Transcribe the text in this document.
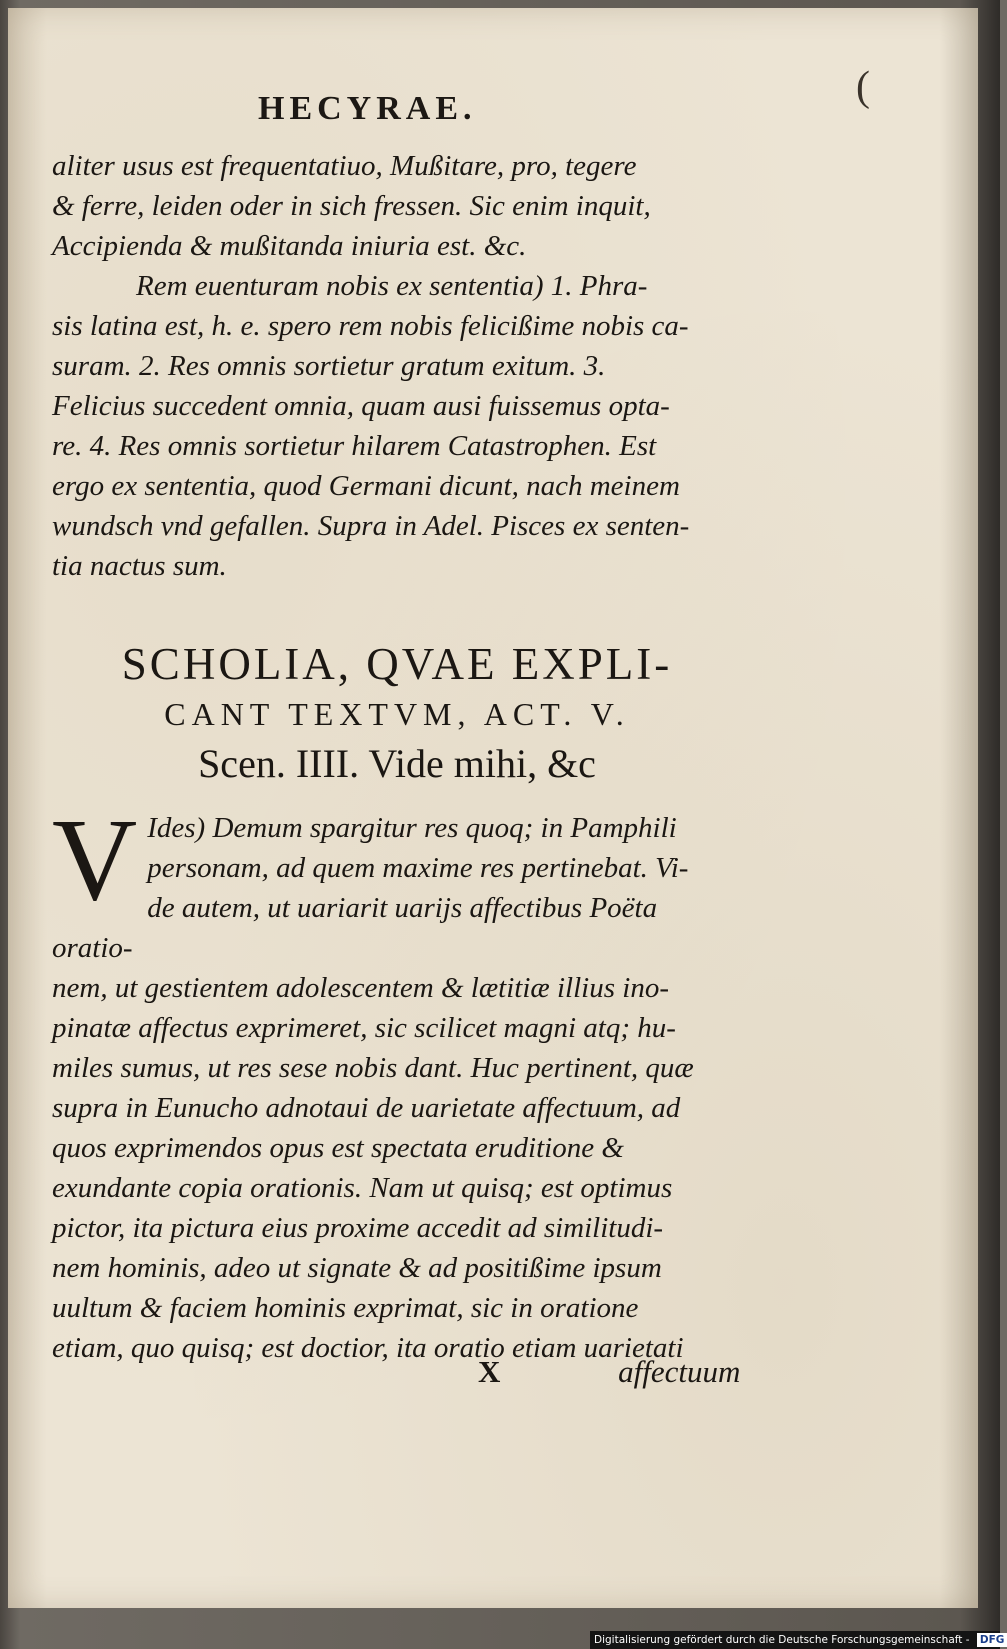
(
HECYRAE.

aliter usus est frequentatiuo, Mußitare, pro, tegere
& ferre, leiden oder in sich fressen. Sic enim inquit,
Accipienda & mußitanda iniuria est. &c.

Rem euenturam nobis ex sententia) 1. Phra-
sis latina est, h. e. spero rem nobis felicißime nobis ca-
suram. 2. Res omnis sortietur gratum exitum. 3.
Felicius succedent omnia, quam ausi fuissemus opta-
re. 4. Res omnis sortietur hilarem Catastrophen. Est
ergo ex sententia, quod Germani dicunt, nach meinem
wundsch vnd gefallen. Supra in Adel. Pisces ex senten-
tia nactus sum.

SCHOLIA, QVAE EXPLI-
CANT TEXTVM, ACT. V.
Scen. IIII. Vide mihi, &c
V Ides) Demum spargitur res quoq; in Pamphili
personam, ad quem maxime res pertinebat. Vi-
de autem, ut uariarit uarijs affectibus Poëta oratio-
nem, ut gestientem adolescentem & lætitiæ illius ino-
pinatæ affectus exprimeret, sic scilicet magni atq; hu-
miles sumus, ut res sese nobis dant. Huc pertinent, quæ
supra in Eunucho adnotaui de uarietate affectuum, ad
quos exprimendos opus est spectata eruditione &
exundante copia orationis. Nam ut quisq; est optimus
pictor, ita pictura eius proxime accedit ad similitudi-
nem hominis, adeo ut signate & ad positißime ipsum
uultum & faciem hominis exprimat, sic in oratione
etiam, quo quisq; est doctior, ita oratio etiam uarietati

X	affectuum
Digitalisierung gefördert durch die Deutsche Forschungsgemeinschaft - DFG
